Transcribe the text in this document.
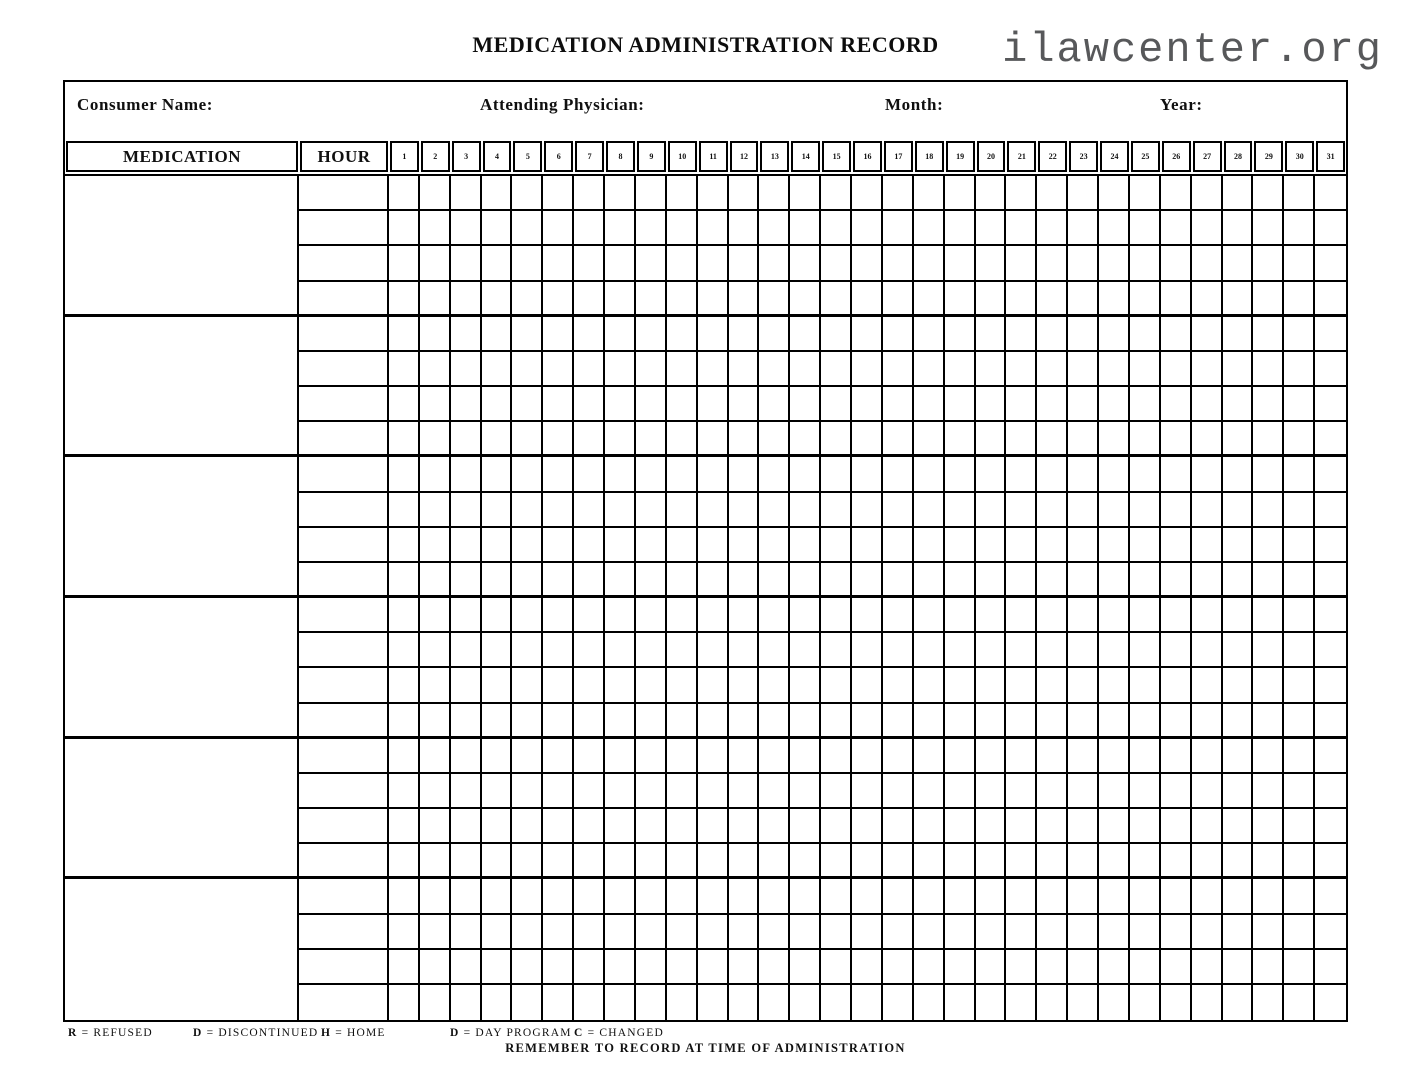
MEDICATION ADMINISTRATION RECORD	ilawcenter.org
Consumer Name:	Attending Physician:	Month:	Year:
MEDICATION	HOUR	1	2	3	4	5	6	7	8	9	10	11	12	13	14	15	16	17	18	19	20	21	22	23	24	25	26	27	28	29	30	31
R = REFUSED	D = DISCONTINUED H = HOME	D = DAY PROGRAM C = CHANGED
REMEMBER TO RECORD AT TIME OF ADMINISTRATION
